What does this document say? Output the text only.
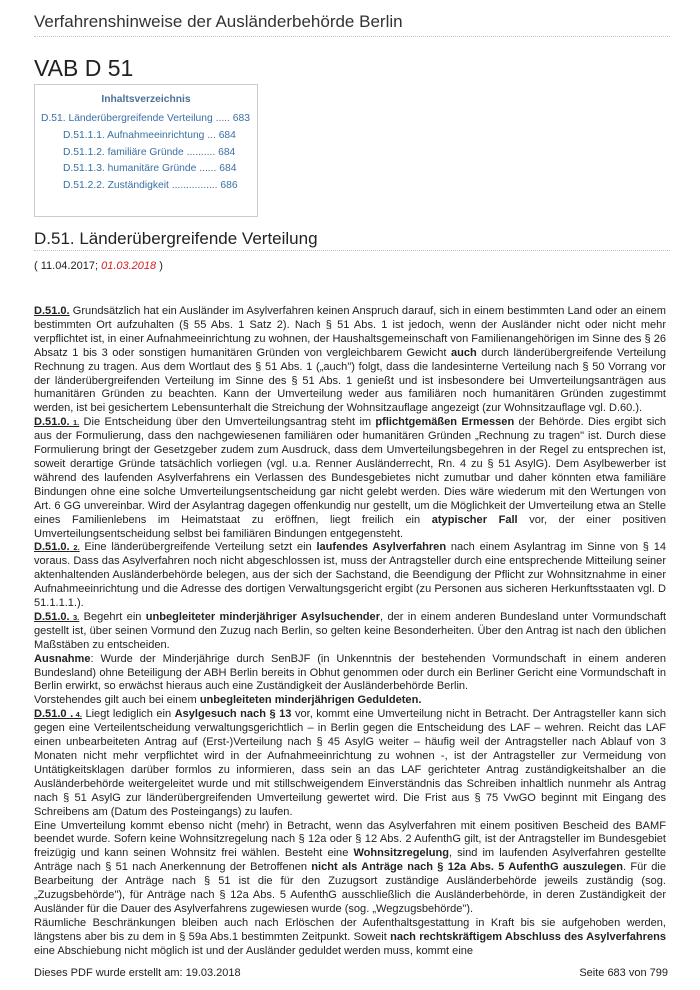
Verfahrenshinweise der Ausländerbehörde Berlin
VAB D 51
Inhaltsverzeichnis
D.51. Länderübergreifende Verteilung ..... 683
D.51.1.1. Aufnahmeeinrichtung ... 684
D.51.1.2. familiäre Gründe .......... 684
D.51.1.3. humanitäre Gründe ...... 684
D.51.2.2. Zuständigkeit ................ 686
D.51. Länderübergreifende Verteilung
( 11.04.2017; 01.03.2018 )

D.51.0. Grundsätzlich hat ein Ausländer im Asylverfahren keinen Anspruch darauf, sich in einem bestimmten Land oder an einem bestimmten Ort aufzuhalten (§ 55 Abs. 1 Satz 2). Nach § 51 Abs. 1 ist jedoch, wenn der Ausländer nicht oder nicht mehr verpflichtet ist, in einer Aufnahmeeinrichtung zu wohnen, der Haushaltsgemeinschaft von Familienangehörigen im Sinne des § 26 Absatz 1 bis 3 oder sonstigen humanitären Gründen von vergleichbarem Gewicht auch durch länderübergreifende Verteilung Rechnung zu tragen. Aus dem Wortlaut des § 51 Abs. 1 („auch") folgt, dass die landesinterne Verteilung nach § 50 Vorrang vor der länderübergreifenden Verteilung im Sinne des § 51 Abs. 1 genießt und ist insbesondere bei Umverteilungsanträgen aus humanitären Gründen zu beachten. Kann der Umverteilung weder aus familiären noch humanitären Gründen zugestimmt werden, ist bei gesichertem Lebensunterhalt die Streichung der Wohnsitzauflage angezeigt (zur Wohnsitzauflage vgl. D.60.).

D.51.0. 1. Die Entscheidung über den Umverteilungsantrag steht im pflichtgemäßen Ermessen der Behörde. Dies ergibt sich aus der Formulierung, dass den nachgewiesenen familiären oder humanitären Gründen „Rechnung zu tragen" ist. Durch diese Formulierung bringt der Gesetzgeber zudem zum Ausdruck, dass dem Umverteilungsbegehren in der Regel zu entsprechen ist, soweit derartige Gründe tatsächlich vorliegen (vgl. u.a. Renner Ausländerrecht, Rn. 4 zu § 51 AsylG). Dem Asylbewerber ist während des laufenden Asylverfahrens ein Verlassen des Bundesgebietes nicht zumutbar und daher könnten etwa familiäre Bindungen ohne eine solche Umverteilungsentscheidung gar nicht gelebt werden. Dies wäre wiederum mit den Wertungen von Art. 6 GG unvereinbar. Wird der Asylantrag dagegen offenkundig nur gestellt, um die Möglichkeit der Umverteilung etwa an Stelle eines Familienlebens im Heimatstaat zu eröffnen, liegt freilich ein atypischer Fall vor, der einer positiven Umverteilungsentscheidung selbst bei familiären Bindungen entgegensteht.

D.51.0. 2. Eine länderübergreifende Verteilung setzt ein laufendes Asylverfahren nach einem Asylantrag im Sinne von § 14 voraus. Dass das Asylverfahren noch nicht abgeschlossen ist, muss der Antragsteller durch eine entsprechende Mitteilung seiner aktenhaltenden Ausländerbehörde belegen, aus der sich der Sachstand, die Beendigung der Pflicht zur Wohnsitznahme in einer Aufnahmeeinrichtung und die Adresse des dortigen Verwaltungsgericht ergibt (zu Personen aus sicheren Herkunftsstaaten vgl. D 51.1.1.1.).

D.51.0. 3. Begehrt ein unbegleiteter minderjähriger Asylsuchender, der in einem anderen Bundesland unter Vormundschaft gestellt ist, über seinen Vormund den Zuzug nach Berlin, so gelten keine Besonderheiten. Über den Antrag ist nach den üblichen Maßstäben zu entscheiden.

Ausnahme: Wurde der Minderjährige durch SenBJF (in Unkenntnis der bestehenden Vormundschaft in einem anderen Bundesland) ohne Beteiligung der ABH Berlin bereits in Obhut genommen oder durch ein Berliner Gericht eine Vormundschaft in Berlin erwirkt, so erwächst hieraus auch eine Zuständigkeit der Ausländerbehörde Berlin.

Vorstehendes gilt auch bei einem unbegleiteten minderjährigen Geduldeten.

D.51.0 . 4. Liegt lediglich ein Asylgesuch nach § 13 vor, kommt eine Umverteilung nicht in Betracht. Der Antragsteller kann sich gegen eine Verteilentscheidung verwaltungsgerichtlich – in Berlin gegen die Entscheidung des LAF – wehren. Reicht das LAF einen unbearbeiteten Antrag auf (Erst-)Verteilung nach § 45 AsylG weiter – häufig weil der Antragsteller nach Ablauf von 3 Monaten nicht mehr verpflichtet wird in der Aufnahmeeinrichtung zu wohnen -, ist der Antragsteller zur Vermeidung von Untätigkeitsklagen darüber formlos zu informieren, dass sein an das LAF gerichteter Antrag zuständigkeitshalber an die Ausländerbehörde weitergeleitet wurde und mit stillschweigendem Einverständnis das Schreiben inhaltlich nunmehr als Antrag nach § 51 AsylG zur länderübergreifenden Umverteilung gewertet wird. Die Frist aus § 75 VwGO beginnt mit Eingang des Schreibens am (Datum des Posteingangs) zu laufen.

Eine Umverteilung kommt ebenso nicht (mehr) in Betracht, wenn das Asylverfahren mit einem positiven Bescheid des BAMF beendet wurde. Sofern keine Wohnsitzregelung nach § 12a oder § 12 Abs. 2 AufenthG gilt, ist der Antragsteller im Bundesgebiet freizügig und kann seinen Wohnsitz frei wählen. Besteht eine Wohnsitzregelung, sind im laufenden Asylverfahren gestellte Anträge nach § 51 nach Anerkennung der Betroffenen nicht als Anträge nach § 12a Abs. 5 AufenthG auszulegen. Für die Bearbeitung der Anträge nach § 51 ist die für den Zuzugsort zuständige Ausländerbehörde jeweils zuständig (sog. „Zuzugsbehörde"), für Anträge nach § 12a Abs. 5 AufenthG ausschließlich die Ausländerbehörde, in deren Zuständigkeit der Ausländer für die Dauer des Asylverfahrens zugewiesen wurde (sog. „Wegzugsbehörde").

Räumliche Beschränkungen bleiben auch nach Erlöschen der Aufenthaltsgestattung in Kraft bis sie aufgehoben werden, längstens aber bis zu dem in § 59a Abs.1 bestimmten Zeitpunkt. Soweit nach rechtskräftigem Abschluss des Asylverfahrens eine Abschiebung nicht möglich ist und der Ausländer geduldet werden muss, kommt eine

Dieses PDF wurde erstellt am: 19.03.2018	Seite 683 von 799
